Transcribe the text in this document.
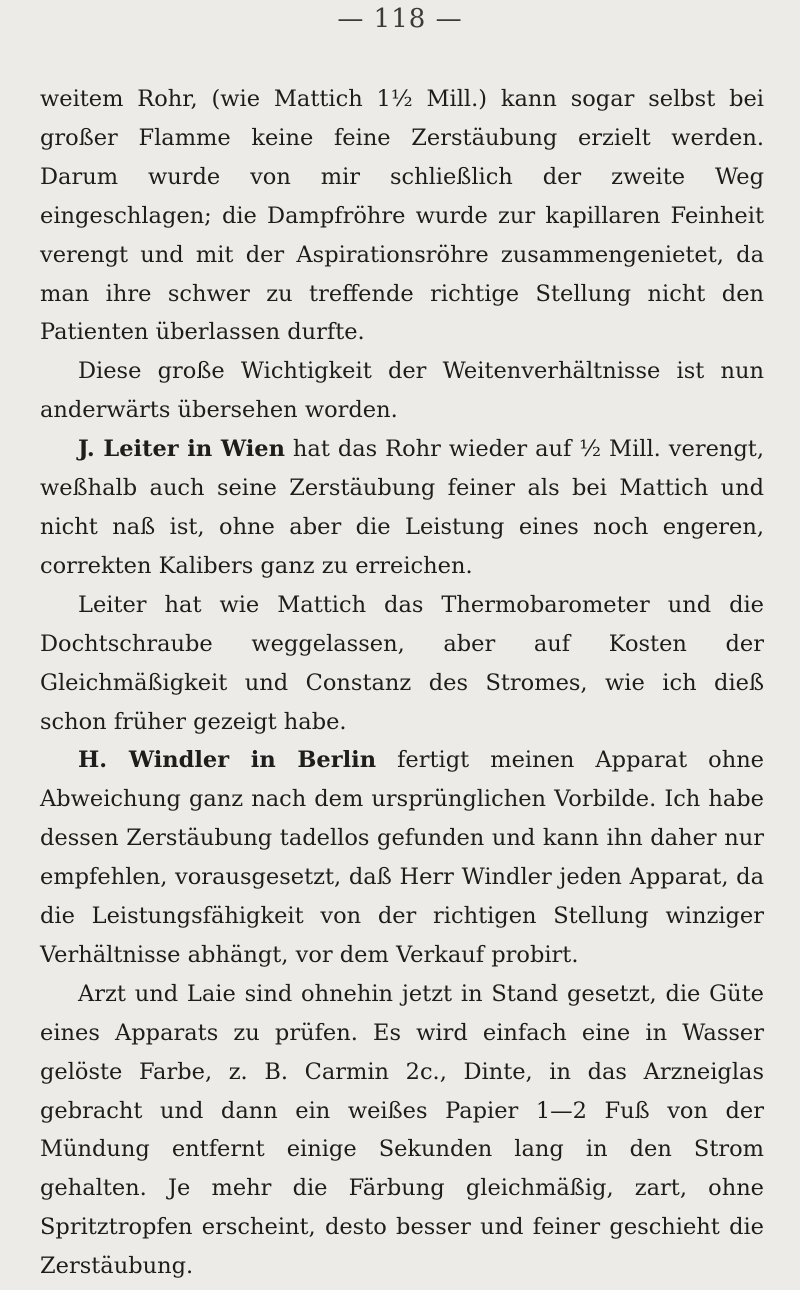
— 118 —

weitem Rohr, (wie Mattich 1½ Mill.) kann sogar selbst bei großer Flamme keine feine Zerstäubung erzielt werden. Darum wurde von mir schließlich der zweite Weg eingeschlagen; die Dampfröhre wurde zur kapillaren Feinheit verengt und mit der Aspirationsröhre zusammengenietet, da man ihre schwer zu treffende richtige Stellung nicht den Patienten überlassen durfte.

Diese große Wichtigkeit der Weitenverhältnisse ist nun anderwärts übersehen worden.

J. Leiter in Wien hat das Rohr wieder auf ½ Mill. verengt, weßhalb auch seine Zerstäubung feiner als bei Mattich und nicht naß ist, ohne aber die Leistung eines noch engeren, correkten Kalibers ganz zu erreichen.

Leiter hat wie Mattich das Thermobarometer und die Dochtschraube weggelassen, aber auf Kosten der Gleichmäßigkeit und Constanz des Stromes, wie ich dieß schon früher gezeigt habe.

H. Windler in Berlin fertigt meinen Apparat ohne Abweichung ganz nach dem ursprünglichen Vorbilde. Ich habe dessen Zerstäubung tadellos gefunden und kann ihn daher nur empfehlen, vorausgesetzt, daß Herr Windler jeden Apparat, da die Leistungsfähigkeit von der richtigen Stellung winziger Verhältnisse abhängt, vor dem Verkauf probirt.

Arzt und Laie sind ohnehin jetzt in Stand gesetzt, die Güte eines Apparats zu prüfen. Es wird einfach eine in Wasser gelöste Farbe, z. B. Carmin 2c., Dinte, in das Arzneiglas gebracht und dann ein weißes Papier 1—2 Fuß von der Mündung entfernt einige Sekunden lang in den Strom gehalten. Je mehr die Färbung gleichmäßig, zart, ohne Spritztropfen erscheint, desto besser und feiner geschieht die Zerstäubung.
